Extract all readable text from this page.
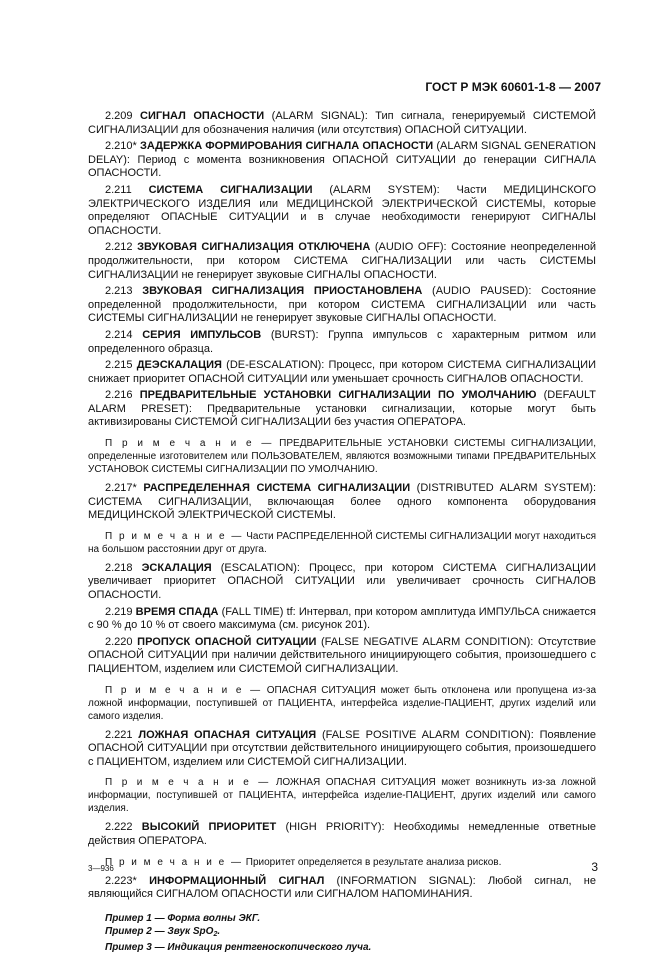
ГОСТ Р МЭК 60601-1-8 — 2007

2.209 СИГНАЛ ОПАСНОСТИ (ALARM SIGNAL): Тип сигнала, генерируемый СИСТЕМОЙ СИГНАЛИЗАЦИИ для обозначения наличия (или отсутствия) ОПАСНОЙ СИТУАЦИИ.

2.210* ЗАДЕРЖКА ФОРМИРОВАНИЯ СИГНАЛА ОПАСНОСТИ (ALARM SIGNAL GENERATION DELAY): Период с момента возникновения ОПАСНОЙ СИТУАЦИИ до генерации СИГНАЛА ОПАСНОСТИ.

2.211 СИСТЕМА СИГНАЛИЗАЦИИ (ALARM SYSTEM): Части МЕДИЦИНСКОГО ЭЛЕКТРИЧЕСКОГО ИЗДЕЛИЯ или МЕДИЦИНСКОЙ ЭЛЕКТРИЧЕСКОЙ СИСТЕМЫ, которые определяют ОПАСНЫЕ СИТУАЦИИ и в случае необходимости генерируют СИГНАЛЫ ОПАСНОСТИ.

2.212 ЗВУКОВАЯ СИГНАЛИЗАЦИЯ ОТКЛЮЧЕНА (AUDIO OFF): Состояние неопределенной продолжительности, при котором СИСТЕМА СИГНАЛИЗАЦИИ или часть СИСТЕМЫ СИГНАЛИЗАЦИИ не генерирует звуковые СИГНАЛЫ ОПАСНОСТИ.

2.213 ЗВУКОВАЯ СИГНАЛИЗАЦИЯ ПРИОСТАНОВЛЕНА (AUDIO PAUSED): Состояние определенной продолжительности, при котором СИСТЕМА СИГНАЛИЗАЦИИ или часть СИСТЕМЫ СИГНАЛИЗАЦИИ не генерирует звуковые СИГНАЛЫ ОПАСНОСТИ.

2.214 СЕРИЯ ИМПУЛЬСОВ (BURST): Группа импульсов с характерным ритмом или определенного образца.

2.215 ДЕЭСКАЛАЦИЯ (DE-ESCALATION): Процесс, при котором СИСТЕМА СИГНАЛИЗАЦИИ снижает приоритет ОПАСНОЙ СИТУАЦИИ или уменьшает срочность СИГНАЛОВ ОПАСНОСТИ.

2.216 ПРЕДВАРИТЕЛЬНЫЕ УСТАНОВКИ СИГНАЛИЗАЦИИ ПО УМОЛЧАНИЮ (DEFAULT ALARM PRESET): Предварительные установки сигнализации, которые могут быть активизированы СИСТЕМОЙ СИГНАЛИЗАЦИИ без участия ОПЕРАТОРА.

П р и м е ч а н и е — ПРЕДВАРИТЕЛЬНЫЕ УСТАНОВКИ СИСТЕМЫ СИГНАЛИЗАЦИИ, определенные изготовителем или ПОЛЬЗОВАТЕЛЕМ, являются возможными типами ПРЕДВАРИТЕЛЬНЫХ УСТАНОВОК СИСТЕМЫ СИГНАЛИЗАЦИИ ПО УМОЛЧАНИЮ.

2.217* РАСПРЕДЕЛЕННАЯ СИСТЕМА СИГНАЛИЗАЦИИ (DISTRIBUTED ALARM SYSTEM): СИСТЕМА СИГНАЛИЗАЦИИ, включающая более одного компонента оборудования МЕДИЦИНСКОЙ ЭЛЕКТРИЧЕСКОЙ СИСТЕМЫ.

П р и м е ч а н и е — Части РАСПРЕДЕЛЕННОЙ СИСТЕМЫ СИГНАЛИЗАЦИИ могут находиться на большом расстоянии друг от друга.

2.218 ЭСКАЛАЦИЯ (ESCALATION): Процесс, при котором СИСТЕМА СИГНАЛИЗАЦИИ увеличивает приоритет ОПАСНОЙ СИТУАЦИИ или увеличивает срочность СИГНАЛОВ ОПАСНОСТИ.

2.219 ВРЕМЯ СПАДА (FALL TIME) tf: Интервал, при котором амплитуда ИМПУЛЬСА снижается с 90 % до 10 % от своего максимума (см. рисунок 201).

2.220 ПРОПУСК ОПАСНОЙ СИТУАЦИИ (FALSE NEGATIVE ALARM CONDITION): Отсутствие ОПАСНОЙ СИТУАЦИИ при наличии действительного инициирующего события, произошедшего с ПАЦИЕНТОМ, изделием или СИСТЕМОЙ СИГНАЛИЗАЦИИ.

П р и м е ч а н и е — ОПАСНАЯ СИТУАЦИЯ может быть отклонена или пропущена из-за ложной информации, поступившей от ПАЦИЕНТА, интерфейса изделие-ПАЦИЕНТ, других изделий или самого изделия.

2.221 ЛОЖНАЯ ОПАСНАЯ СИТУАЦИЯ (FALSE POSITIVE ALARM CONDITION): Появление ОПАСНОЙ СИТУАЦИИ при отсутствии действительного инициирующего события, произошедшего с ПАЦИЕНТОМ, изделием или СИСТЕМОЙ СИГНАЛИЗАЦИИ.

П р и м е ч а н и е — ЛОЖНАЯ ОПАСНАЯ СИТУАЦИЯ может возникнуть из-за ложной информации, поступившей от ПАЦИЕНТА, интерфейса изделие-ПАЦИЕНТ, других изделий или самого изделия.

2.222 ВЫСОКИЙ ПРИОРИТЕТ (HIGH PRIORITY): Необходимы немедленные ответные действия ОПЕРАТОРА.

П р и м е ч а н и е — Приоритет определяется в результате анализа рисков.

2.223* ИНФОРМАЦИОННЫЙ СИГНАЛ (INFORMATION SIGNAL): Любой сигнал, не являющийся СИГНАЛОМ ОПАСНОСТИ или СИГНАЛОМ НАПОМИНАНИЯ.

Пример 1 — Форма волны ЭКГ.

Пример 2 — Звук SpO$_2$.

Пример 3 — Индикация рентгеноскопического луча.

3—936	3
